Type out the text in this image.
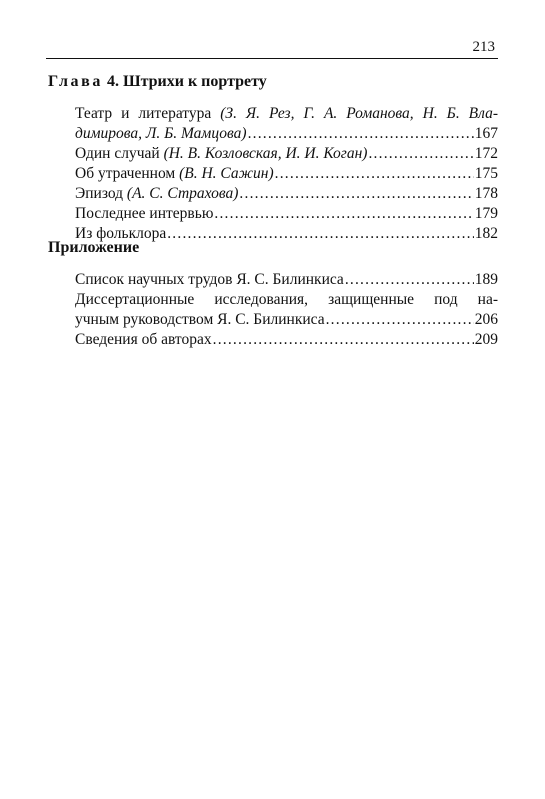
213
Глава 4. Штрихи к портрету
Театр и литература (З. Я. Рез, Г. А. Романова, Н. Б. Вла-
димирова, Л. Б. Мамцова) .....	167
Один случай (Н. В. Козловская, И. И. Коган) .....	172
Об утраченном (В. Н. Сажин) .....	175
Эпизод (А. С. Страхова) .....	178
Последнее интервью .....	179
Из фольклора .....	182
Приложение
Список научных трудов Я. С. Билинкиса .....	189
Диссертационные исследования, защищенные под на-
учным руководством Я. С. Билинкиса .....	206
Сведения об авторах .....	209
